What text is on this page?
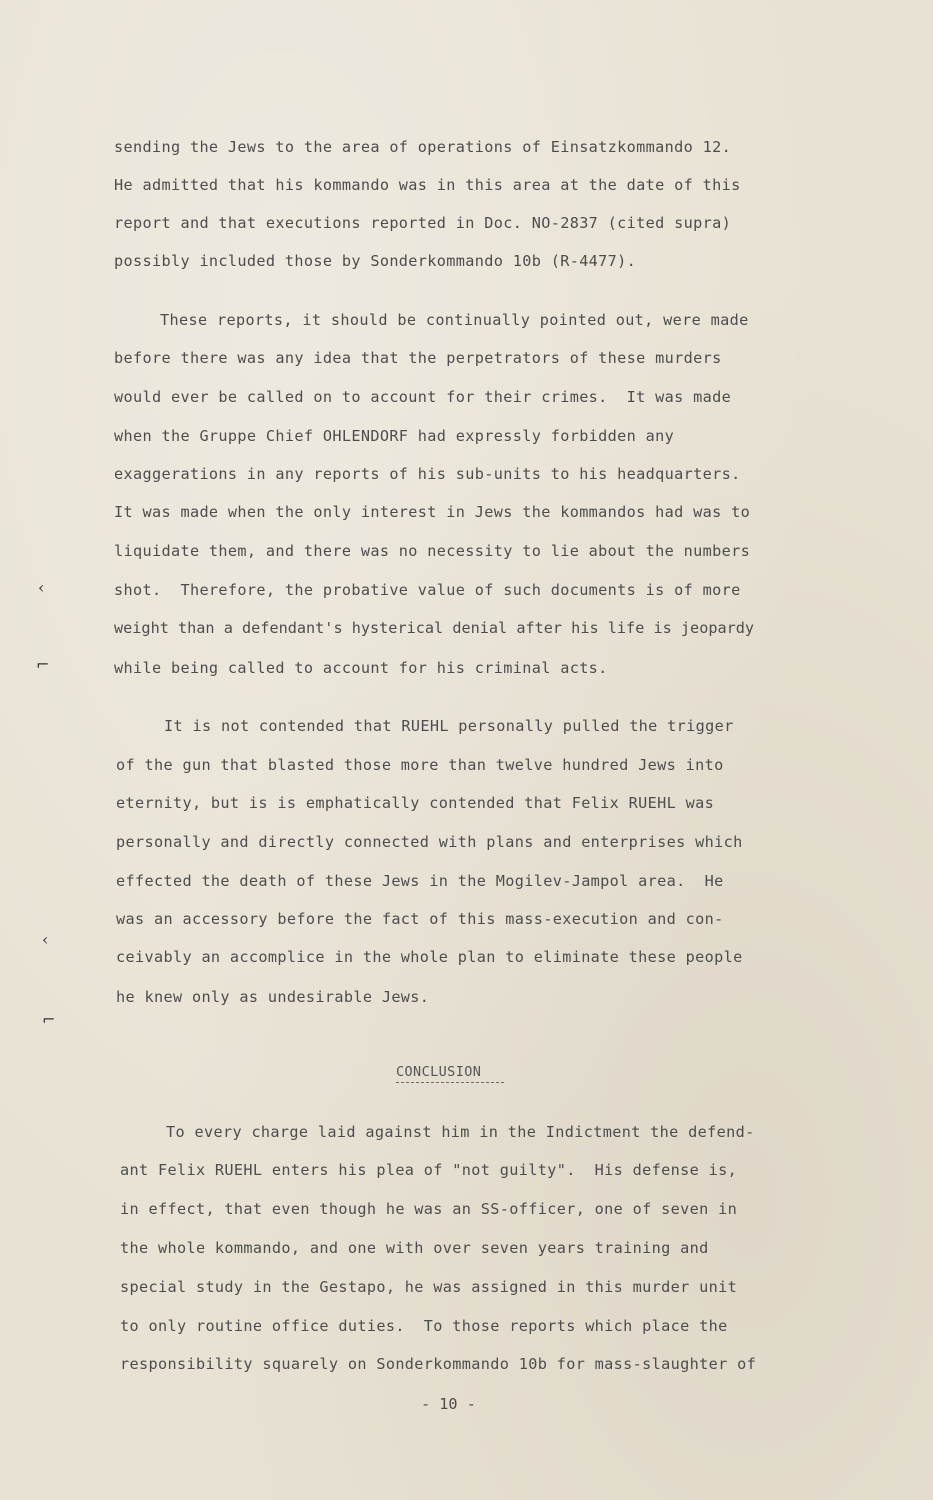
sending the Jews to the area of operations of Einsatzkommando 12.
He admitted that his kommando was in this area at the date of this
report and that executions reported in Doc. NO-2837 (cited supra)
possibly included those by Sonderkommando 10b (R-4477).
These reports, it should be continually pointed out, were made
before there was any idea that the perpetrators of these murders
would ever be called on to account for their crimes.  It was made
when the Gruppe Chief OHLENDORF had expressly forbidden any
exaggerations in any reports of his sub-units to his headquarters.
It was made when the only interest in Jews the kommandos had was to
liquidate them, and there was no necessity to lie about the numbers
shot.  Therefore, the probative value of such documents is of more
weight than a defendant's hysterical denial after his life is jeopardy
while being called to account for his criminal acts.
It is not contended that RUEHL personally pulled the trigger
of the gun that blasted those more than twelve hundred Jews into
eternity, but is is emphatically contended that Felix RUEHL was
personally and directly connected with plans and enterprises which
effected the death of these Jews in the Mogilev-Jampol area.  He
was an accessory before the fact of this mass-execution and con-
ceivably an accomplice in the whole plan to eliminate these people
he knew only as undesirable Jews.
CONCLUSION
To every charge laid against him in the Indictment the defend-
ant Felix RUEHL enters his plea of "not guilty".  His defense is,
in effect, that even though he was an SS-officer, one of seven in
the whole kommando, and one with over seven years training and
special study in the Gestapo, he was assigned in this murder unit
to only routine office duties.  To those reports which place the
responsibility squarely on Sonderkommando 10b for mass-slaughter of
- 10 -
‹
⌐
‹
⌐
